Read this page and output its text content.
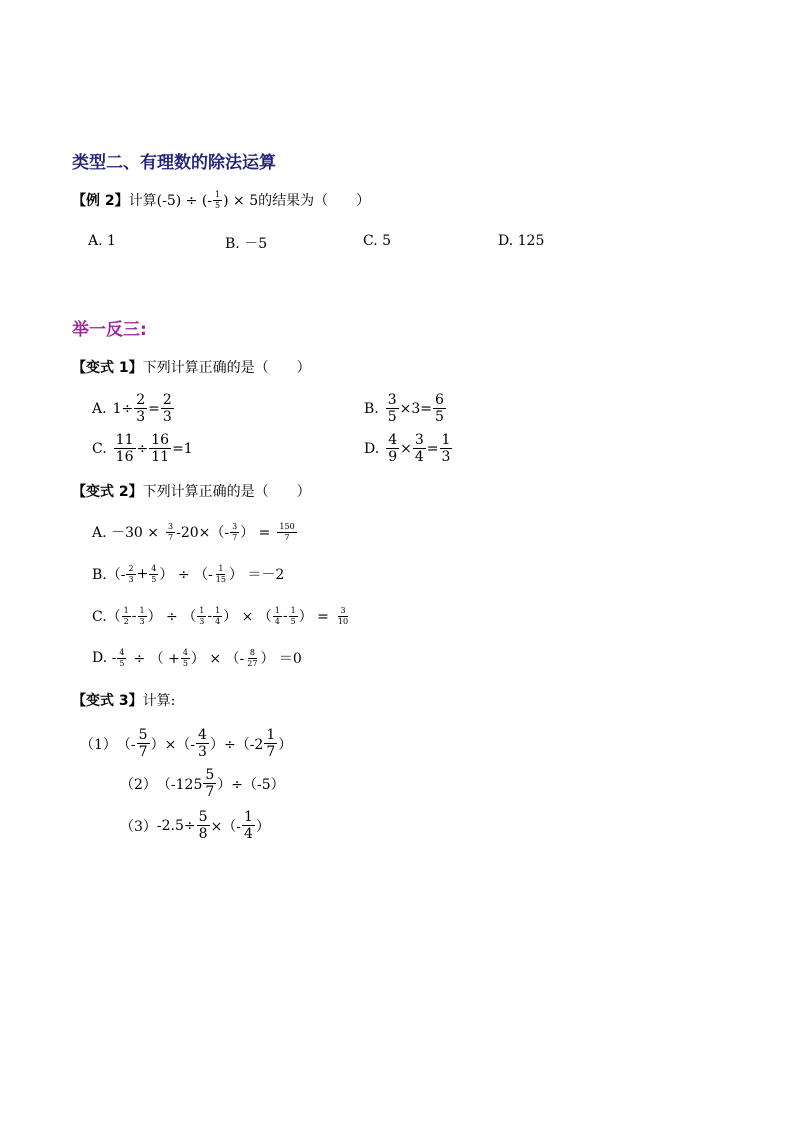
类型二、有理数的除法运算
【例 2】 计算(-5) ÷ (- $\frac{1}{5}$ ) × 5的结果为（　　）
A. 1	B. －5	C. 5	D. 125
举一反三:
【变式 1】 下列计算正确的是（　　）
A. $1\div \frac{2}{3} = \frac{2}{3}$	B. $\frac{3}{5} \times 3= \frac{6}{5}$
C. $\frac{11}{16} \div \frac{16}{11} =1$	D. $\frac{4}{9} \times \frac{3}{4} = \frac{1}{3}$
【变式 2】 下列计算正确的是（　　）
A. $-30 \times \frac{3}{7} -20\times(- \frac{3}{7}$ ） = $\frac{150}{7}$
$B.(- \frac{2}{3} + \frac{4}{5}$ ） ÷ （- $\frac{1}{15}$ ） ＝－2
$C.( \frac{1}{2} - \frac{1}{3}$ ） ÷ （ $\frac{1}{3} - \frac{1}{4}$ ） × （ $\frac{1}{4} - \frac{1}{5}$ ） = $\frac{3}{10}$
D. - $\frac{4}{5}$ ÷ （ + $\frac{4}{5}$ ） × （- $\frac{8}{27}$ ） ＝0
【变式 3】 计算:
（1） （- $\frac{5}{7}$ ）×（- $\frac{4}{3} )\div(-2 \frac{1}{7}$ ）
（2） $(-125 \frac{5}{7} )\div(-5)$
（3） $-2.5\div \frac{5}{8}$ ×（- $\frac{1}{4}$ ）
